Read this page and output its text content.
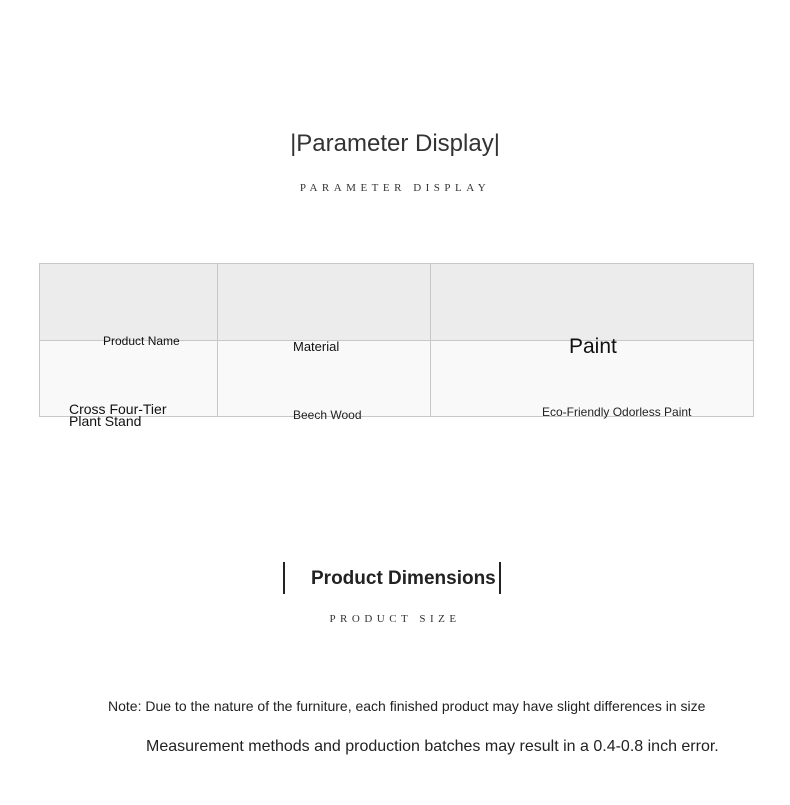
|Parameter Display|
PARAMETER DISPLAY
Product Name	Material	Paint

Cross Four-Tier Plant Stand	Beech Wood	Eco-Friendly Odorless Paint
Product Dimensions
PRODUCT SIZE
Note: Due to the nature of the furniture, each finished product may have slight differences in size
Measurement methods and production batches may result in a 0.4-0.8 inch error.
